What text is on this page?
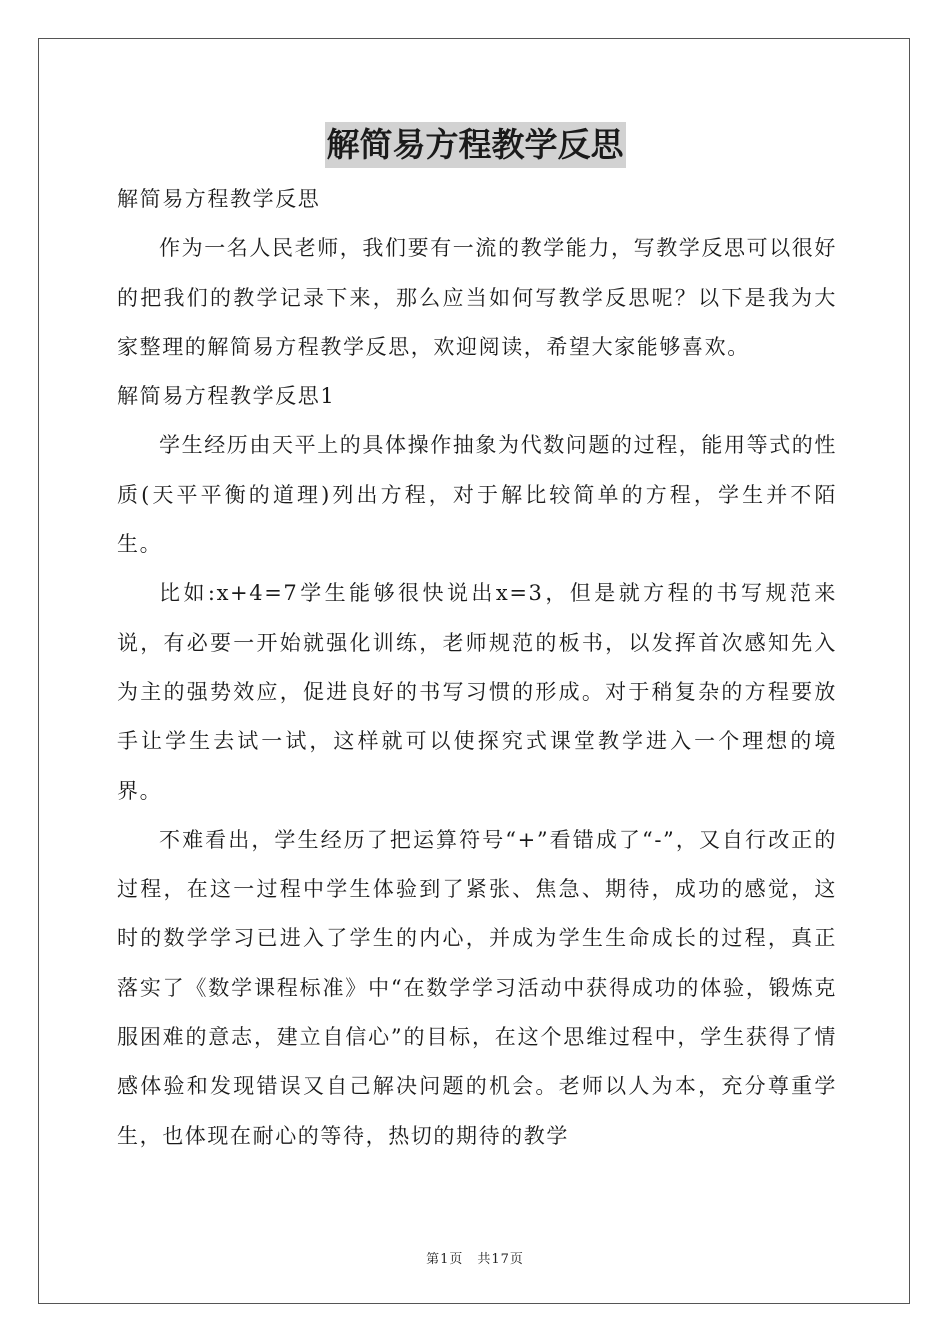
解简易方程教学反思

解简易方程教学反思

作为一名人民老师，我们要有一流的教学能力，写教学反思可以很好的把我们的教学记录下来，那么应当如何写教学反思呢？以下是我为大家整理的解简易方程教学反思，欢迎阅读，希望大家能够喜欢。

解简易方程教学反思1

学生经历由天平上的具体操作抽象为代数问题的过程，能用等式的性质(天平平衡的道理)列出方程，对于解比较简单的方程，学生并不陌生。

比如:x+4=7学生能够很快说出x=3，但是就方程的书写规范来说，有必要一开始就强化训练，老师规范的板书，以发挥首次感知先入为主的强势效应，促进良好的书写习惯的形成。对于稍复杂的方程要放手让学生去试一试，这样就可以使探究式课堂教学进入一个理想的境界。

不难看出，学生经历了把运算符号“+”看错成了“-”，又自行改正的过程，在这一过程中学生体验到了紧张、焦急、期待，成功的感觉，这时的数学学习已进入了学生的内心，并成为学生生命成长的过程，真正落实了《数学课程标准》中“在数学学习活动中获得成功的体验，锻炼克服困难的意志，建立自信心”的目标，在这个思维过程中，学生获得了情感体验和发现错误又自己解决问题的机会。老师以人为本，充分尊重学生，也体现在耐心的等待，热切的期待的教学

第1页　共17页
